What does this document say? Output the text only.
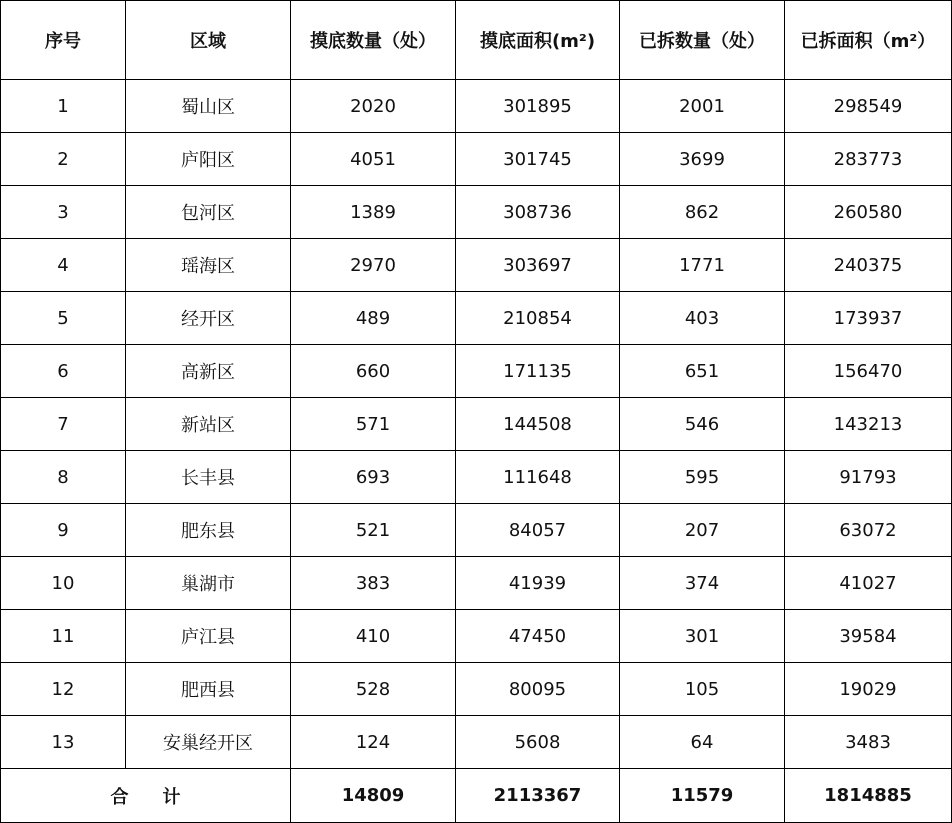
序号	区域	摸底数量（处）	摸底面积(m²)	已拆数量（处）	已拆面积（m²）
1	蜀山区	2020	301895	2001	298549
2	庐阳区	4051	301745	3699	283773
3	包河区	1389	308736	862	260580
4	瑶海区	2970	303697	1771	240375
5	经开区	489	210854	403	173937
6	高新区	660	171135	651	156470
7	新站区	571	144508	546	143213
8	长丰县	693	111648	595	91793
9	肥东县	521	84057	207	63072
10	巢湖市	383	41939	374	41027
11	庐江县	410	47450	301	39584
12	肥西县	528	80095	105	19029
13	安巢经开区	124	5608	64	3483
合计		14809	2113367	11579	1814885
